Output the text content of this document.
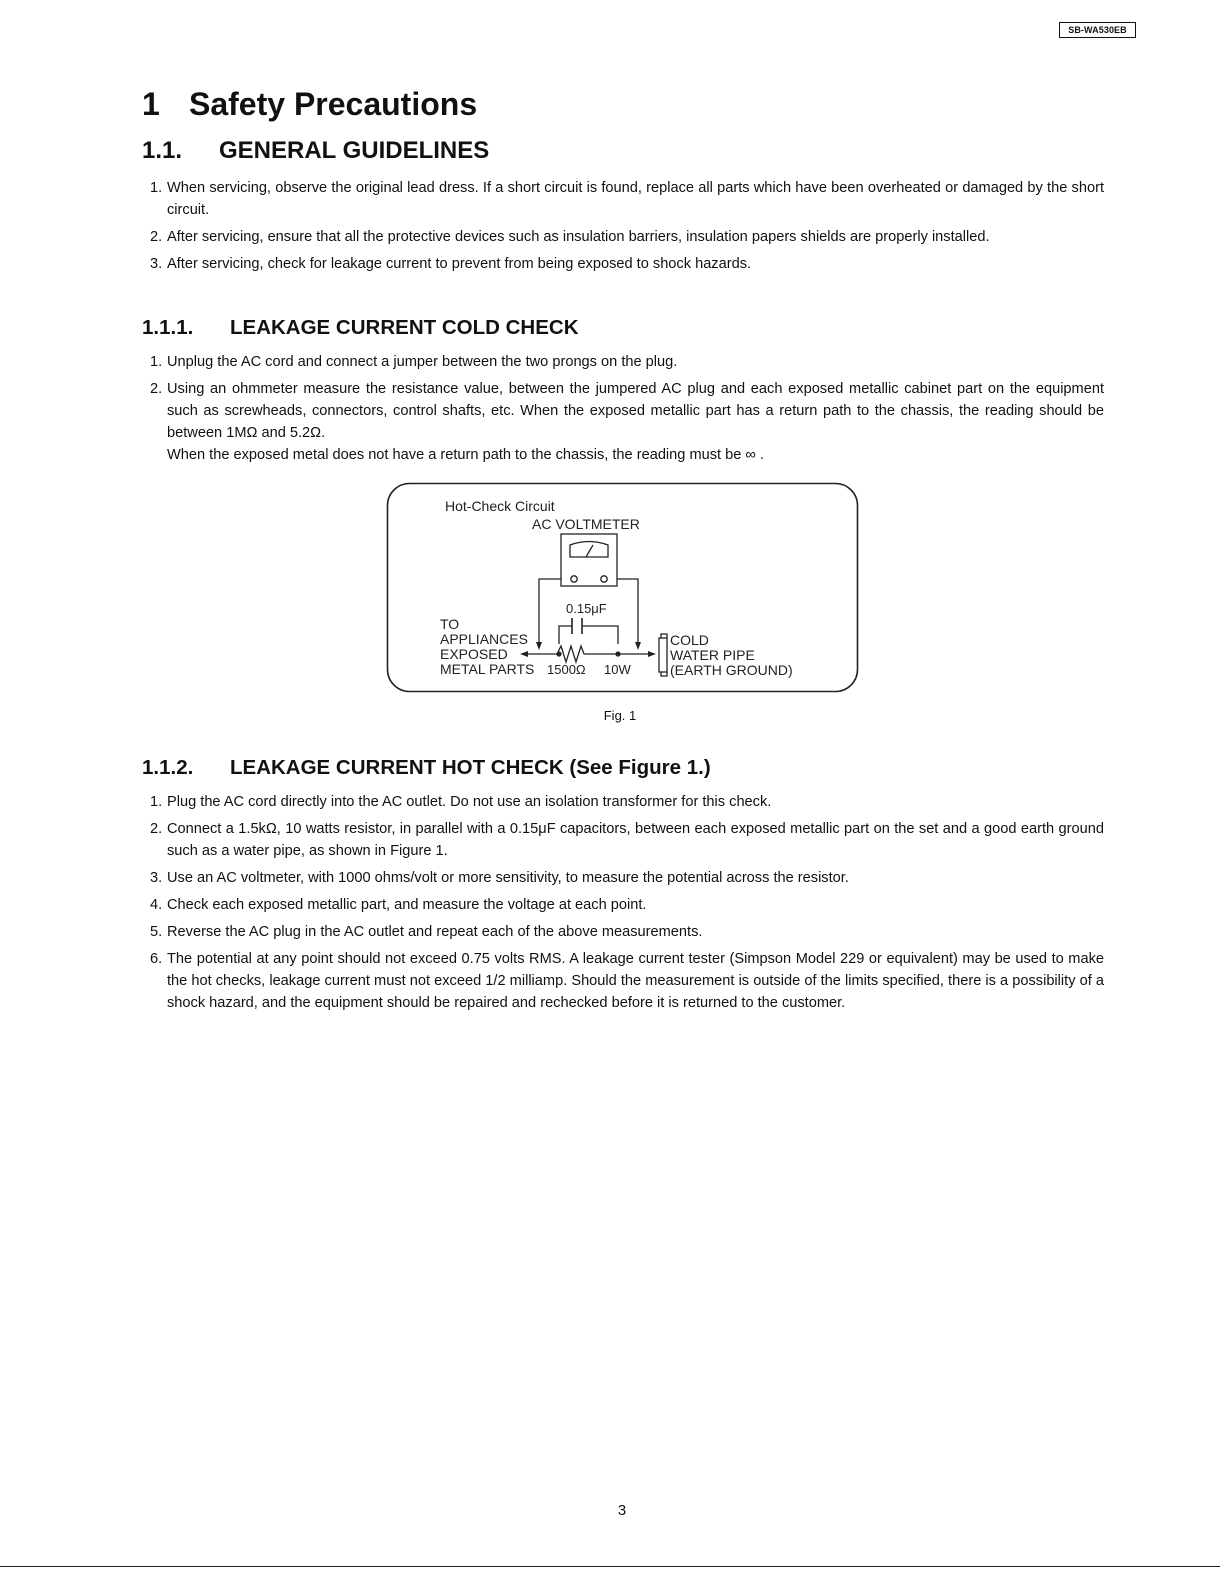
SB-WA530EB
1 Safety Precautions
1.1. GENERAL GUIDELINES
1. When servicing, observe the original lead dress. If a short circuit is found, replace all parts which have been overheated or damaged by the short circuit.
2. After servicing, ensure that all the protective devices such as insulation barriers, insulation papers shields are properly installed.
3. After servicing, check for leakage current to prevent from being exposed to shock hazards.
1.1.1. LEAKAGE CURRENT COLD CHECK
1. Unplug the AC cord and connect a jumper between the two prongs on the plug.
2. Using an ohmmeter measure the resistance value, between the jumpered AC plug and each exposed metallic cabinet part on the equipment such as screwheads, connectors, control shafts, etc. When the exposed metallic part has a return path to the chassis, the reading should be between 1MΩ and 5.2Ω.
When the exposed metal does not have a return path to the chassis, the reading must be ∞ .
1.1.2. LEAKAGE CURRENT HOT CHECK (See Figure 1.)
1. Plug the AC cord directly into the AC outlet. Do not use an isolation transformer for this check.
2. Connect a 1.5kΩ, 10 watts resistor, in parallel with a 0.15μF capacitors, between each exposed metallic part on the set and a good earth ground such as a water pipe, as shown in Figure 1.
3. Use an AC voltmeter, with 1000 ohms/volt or more sensitivity, to measure the potential across the resistor.
4. Check each exposed metallic part, and measure the voltage at each point.
5. Reverse the AC plug in the AC outlet and repeat each of the above measurements.
6. The potential at any point should not exceed 0.75 volts RMS. A leakage current tester (Simpson Model 229 or equivalent) may be used to make the hot checks, leakage current must not exceed 1/2 milliamp. Should the measurement is outside of the limits specified, there is a possibility of a shock hazard, and the equipment should be repaired and rechecked before it is returned to the customer.
Hot-Check Circuit
AC VOLTMETER
0.15μF
TO
APPLIANCES
EXPOSED
METAL PARTS 1500Ω 10W
COLD
WATER PIPE
(EARTH GROUND)
Fig. 1
3
